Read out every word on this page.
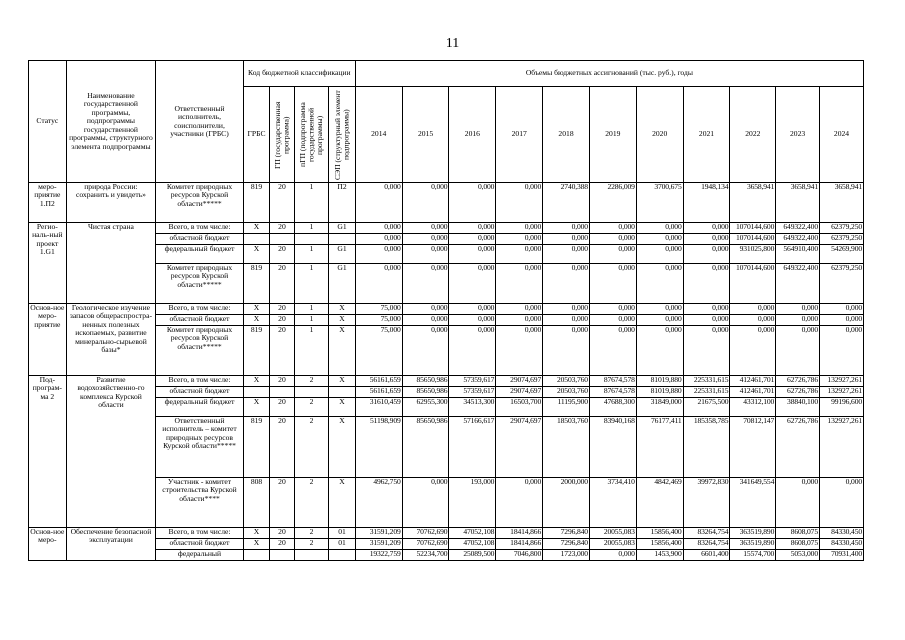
11
Статус	Наименование государственной программы, подпрограммы государственной программы, структурного элемента подпрограммы	Ответственный исполнитель, соисполнители, участники (ГРБС)	Код бюджетной классификации				Объемы бюджетных ассигнований (тыс. руб.), годы										
			ГРБС	ГП (государственная программа)	пГП (подпрограмма государственной программы)	СЭП (структурный элемент подпрограммы)	2014	2015	2016	2017	2018	2019	2020	2021	2022	2023	2024
меро-приятие 1.П2	природа России: сохранить и увидеть»	Комитет природных ресурсов Курской области*****	819	20	1	П2	0,000	0,000	0,000	0,000	2740,388	2286,009	3700,675	1948,134	3658,941	3658,941	3658,941
Регио-наль-ный проект 1.G1	Чистая страна	Всего, в том числе:	X	20	1	G1	0,000	0,000	0,000	0,000	0,000	0,000	0,000	0,000	1070144,600	649322,400	62379,250
		областной бюджет					0,000	0,000	0,000	0,000	0,000	0,000	0,000	0,000	1070144,600	649322,400	62379,250
		федеральный бюджет	X	20	1	G1	0,000	0,000	0,000	0,000	0,000	0,000	0,000	0,000	931025,800	564910,400	54269,900
		Комитет природных ресурсов Курской области*****	819	20	1	G1	0,000	0,000	0,000	0,000	0,000	0,000	0,000	0,000	1070144,600	649322,400	62379,250
Основ-ное меро-приятие	Геологическое изучение запасов общераспростра-ненных полезных ископаемых, развитие минерально-сырьевой базы*	Всего, в том числе:	X	20	1	X	75,000	0,000	0,000	0,000	0,000	0,000	0,000	0,000	0,000	0,000	0,000
		областной бюджет	X	20	1	X	75,000	0,000	0,000	0,000	0,000	0,000	0,000	0,000	0,000	0,000	0,000
		Комитет природных ресурсов Курской области*****	819	20	1	X	75,000	0,000	0,000	0,000	0,000	0,000	0,000	0,000	0,000	0,000	0,000
Под-програм-ма 2	Развитие водохозяйственно-го комплекса Курской области	Всего, в том числе:	X	20	2	X	56161,659	85650,986	57359,617	29074,697	20503,760	87674,578	81019,880	225331,615	412461,701	62726,786	132927,261
		областной бюджет					56161,659	85650,986	57359,617	29074,697	20503,760	87674,578	81019,880	225331,615	412461,701	62726,786	132927,261
		федеральный бюджет	X	20	2	X	31610,459	62955,300	34513,300	16503,700	11195,900	47688,300	31849,000	21675,500	43312,100	38840,100	99196,600
		Ответственный исполнитель – комитет природных ресурсов Курской области*****	819	20	2	X	51198,909	85650,986	57166,617	29074,697	18503,760	83940,168	76177,411	185358,785	70812,147	62726,786	132927,261
		Участник - комитет строительства Курской области****	808	20	2	X	4962,750	0,000	193,000	0,000	2000,000	3734,410	4842,469	39972,830	341649,554	0,000	0,000
Основ-ное меро-	Обеспечение безопасной эксплуатации	Всего, в том числе:	X	20	2	01	31591,209	70762,690	47052,108	18414,866	7296,840	20055,083	15856,400	83264,754	363519,890	8608,075	84330,450
		областной бюджет	X	20	2	01	31591,209	70762,690	47052,108	18414,866	7296,840	20055,083	15856,400	83264,754	363519,890	8608,075	84330,450
		федеральный					19322,759	52234,700	25089,500	7046,800	1723,000	0,000	1453,900	6601,400	15574,700	5053,000	70931,400
